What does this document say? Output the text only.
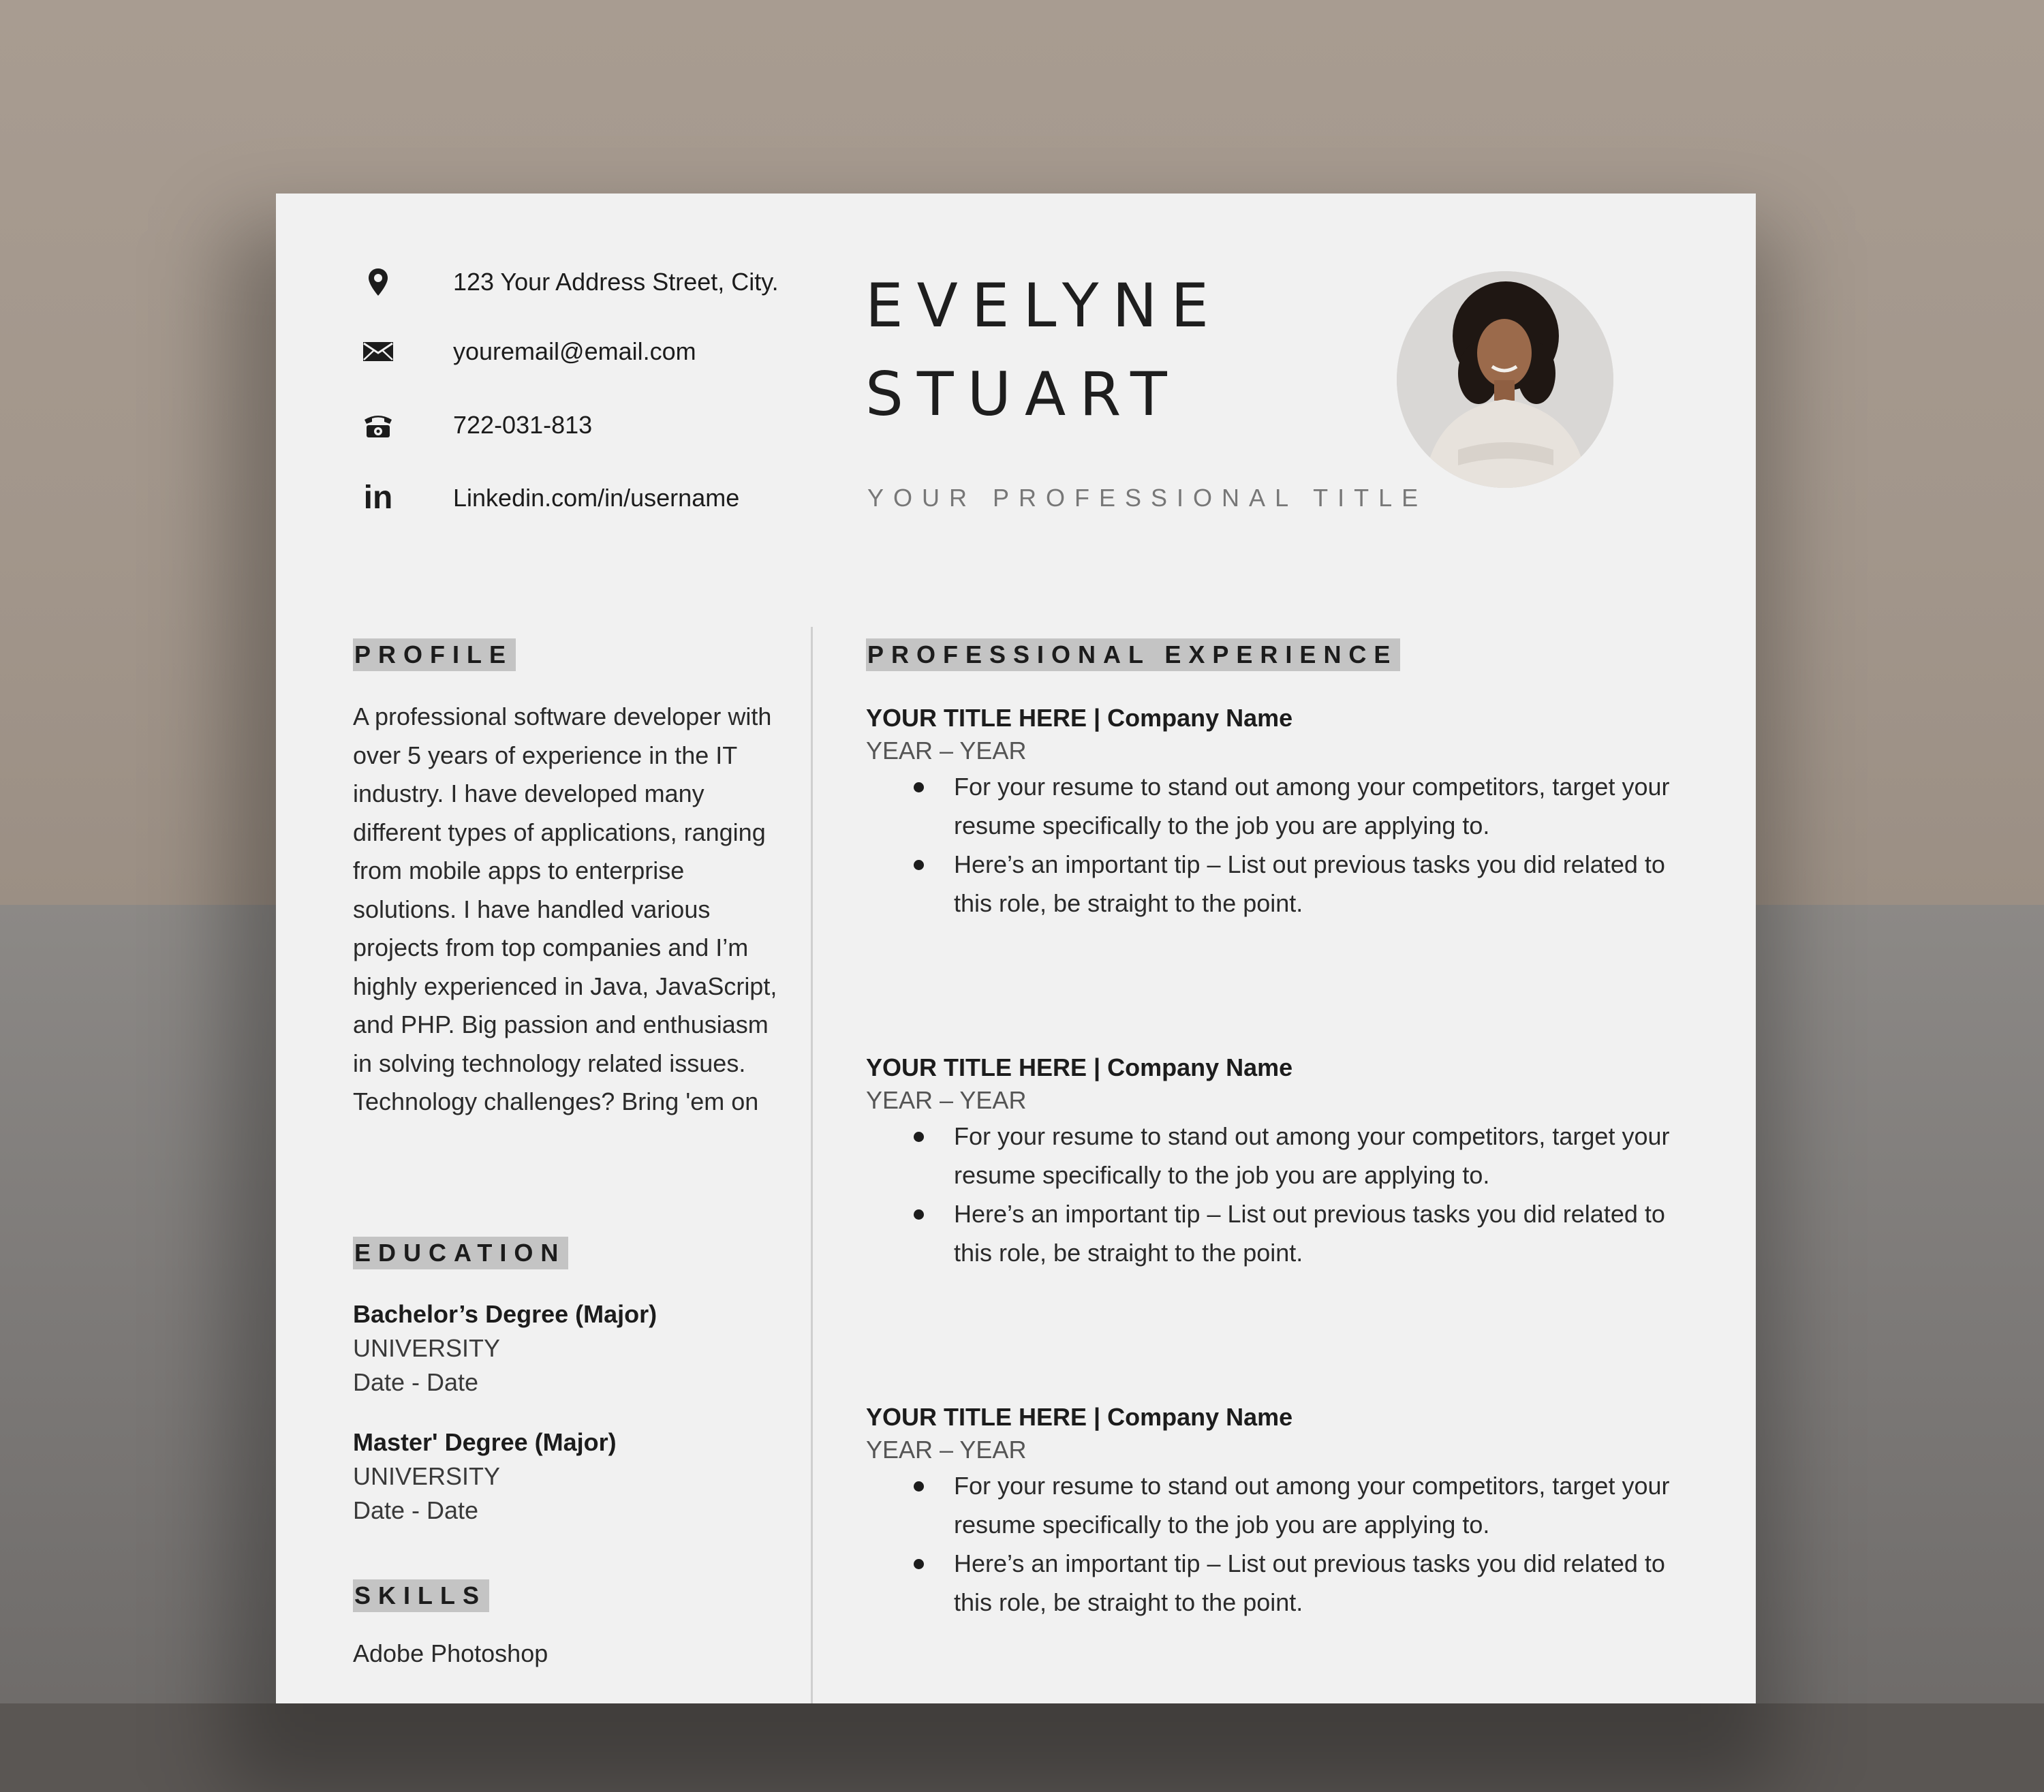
123 Your Address Street, City.
youremail@email.com
722-031-813
in Linkedin.com/in/username
EVELYNE
STUART
YOUR PROFESSIONAL TITLE
PROFILE
A professional software developer with over 5 years of experience in the IT industry. I have developed many different types of applications, ranging from mobile apps to enterprise solutions. I have handled various projects from top companies and I’m highly experienced in Java, JavaScript, and PHP. Big passion and enthusiasm in solving technology related issues. Technology challenges? Bring 'em on
EDUCATION
Bachelor’s Degree (Major)
UNIVERSITY
Date - Date
Master' Degree (Major)
UNIVERSITY
Date - Date
SKILLS
Adobe Photoshop

PROFESSIONAL EXPERIENCE
YOUR TITLE HERE | Company Name
YEAR – YEAR
For your resume to stand out among your competitors, target your resume specifically to the job you are applying to.
Here’s an important tip – List out previous tasks you did related to this role, be straight to the point.
YOUR TITLE HERE | Company Name
YEAR – YEAR
For your resume to stand out among your competitors, target your resume specifically to the job you are applying to.
Here’s an important tip – List out previous tasks you did related to this role, be straight to the point.
YOUR TITLE HERE | Company Name
YEAR – YEAR
For your resume to stand out among your competitors, target your resume specifically to the job you are applying to.
Here’s an important tip – List out previous tasks you did related to this role, be straight to the point.
